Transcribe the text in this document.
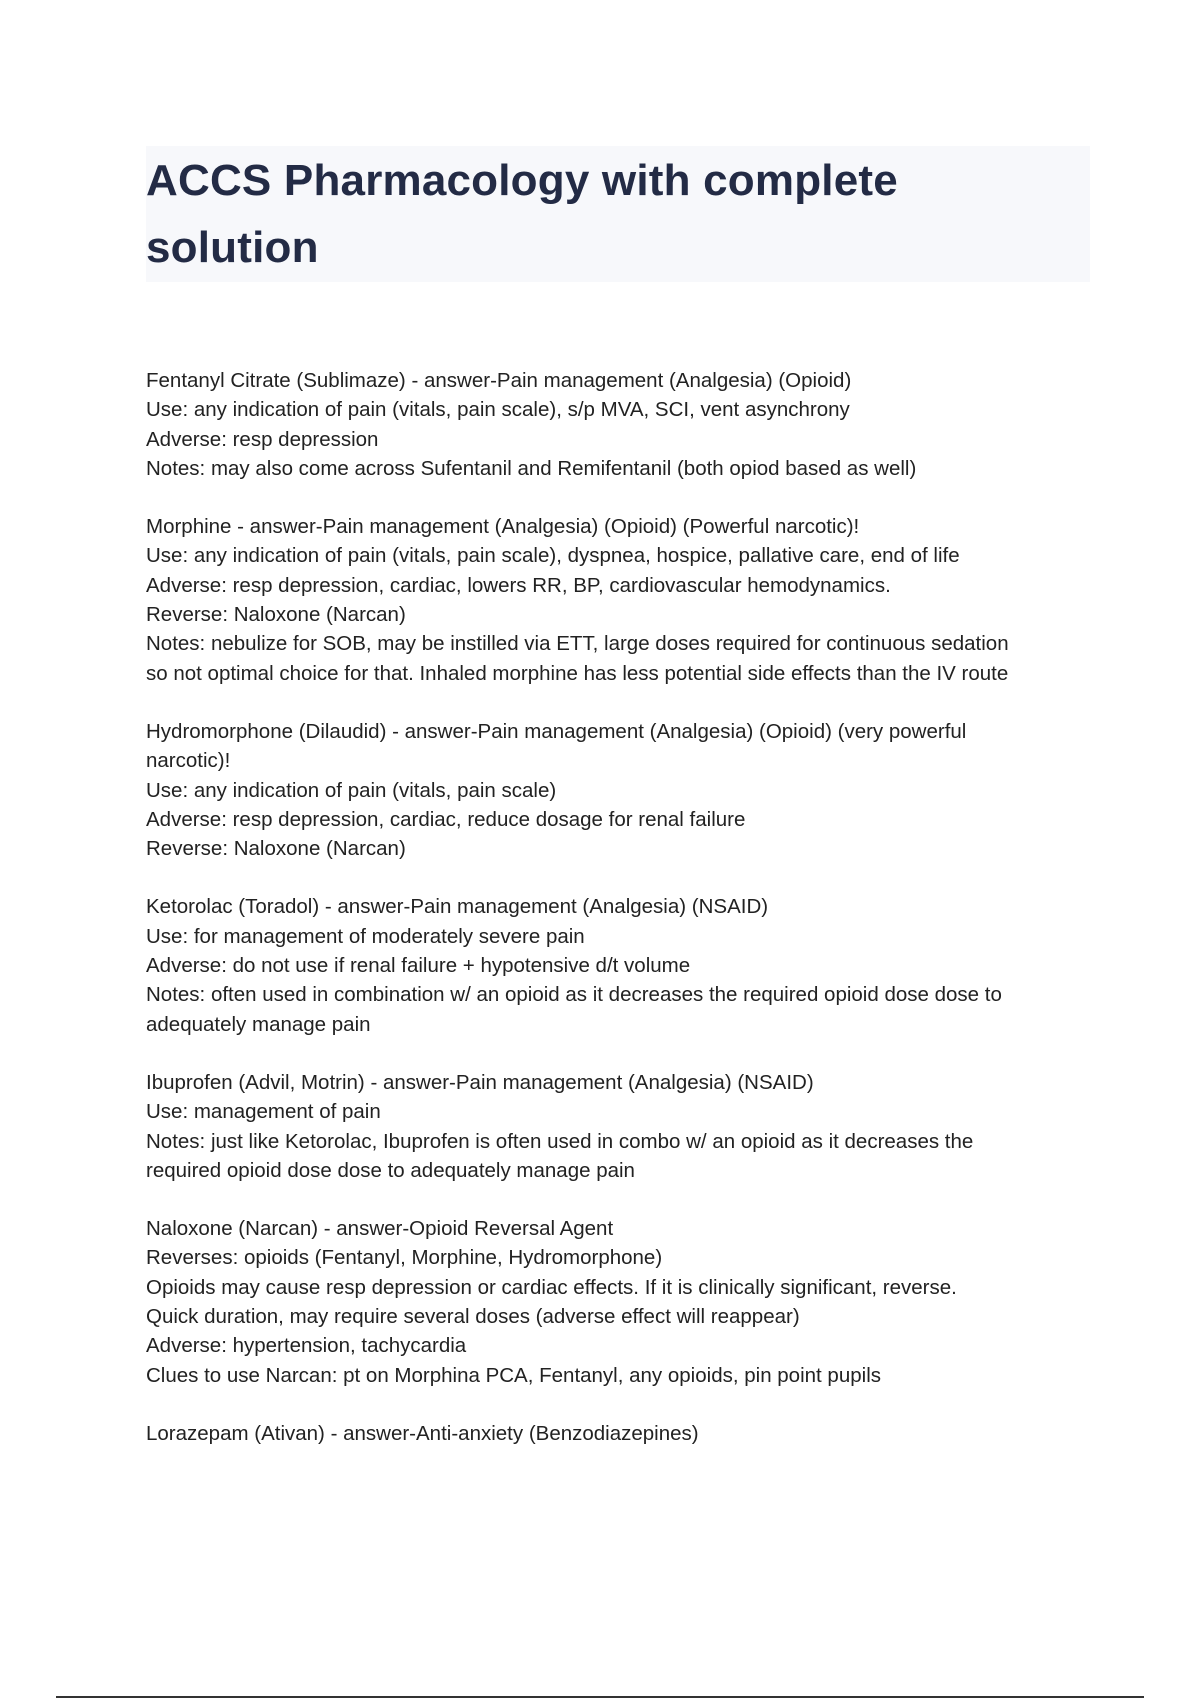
ACCS Pharmacology with complete
solution
Fentanyl Citrate (Sublimaze) - answer-Pain management (Analgesia) (Opioid)
Use: any indication of pain (vitals, pain scale), s/p MVA, SCI, vent asynchrony
Adverse: resp depression
Notes: may also come across Sufentanil and Remifentanil (both opiod based as well)
Morphine - answer-Pain management (Analgesia) (Opioid) (Powerful narcotic)!
Use: any indication of pain (vitals, pain scale), dyspnea, hospice, pallative care, end of life
Adverse: resp depression, cardiac, lowers RR, BP, cardiovascular hemodynamics.
Reverse: Naloxone (Narcan)
Notes: nebulize for SOB, may be instilled via ETT, large doses required for continuous sedation
so not optimal choice for that. Inhaled morphine has less potential side effects than the IV route
Hydromorphone (Dilaudid) - answer-Pain management (Analgesia) (Opioid) (very powerful
narcotic)!
Use: any indication of pain (vitals, pain scale)
Adverse: resp depression, cardiac, reduce dosage for renal failure
Reverse: Naloxone (Narcan)
Ketorolac (Toradol) - answer-Pain management (Analgesia) (NSAID)
Use: for management of moderately severe pain
Adverse: do not use if renal failure + hypotensive d/t volume
Notes: often used in combination w/ an opioid as it decreases the required opioid dose dose to
adequately manage pain
Ibuprofen (Advil, Motrin) - answer-Pain management (Analgesia) (NSAID)
Use: management of pain
Notes: just like Ketorolac, Ibuprofen is often used in combo w/ an opioid as it decreases the
required opioid dose dose to adequately manage pain
Naloxone (Narcan) - answer-Opioid Reversal Agent
Reverses: opioids (Fentanyl, Morphine, Hydromorphone)
Opioids may cause resp depression or cardiac effects. If it is clinically significant, reverse.
Quick duration, may require several doses (adverse effect will reappear)
Adverse: hypertension, tachycardia
Clues to use Narcan: pt on Morphina PCA, Fentanyl, any opioids, pin point pupils
Lorazepam (Ativan) - answer-Anti-anxiety (Benzodiazepines)
